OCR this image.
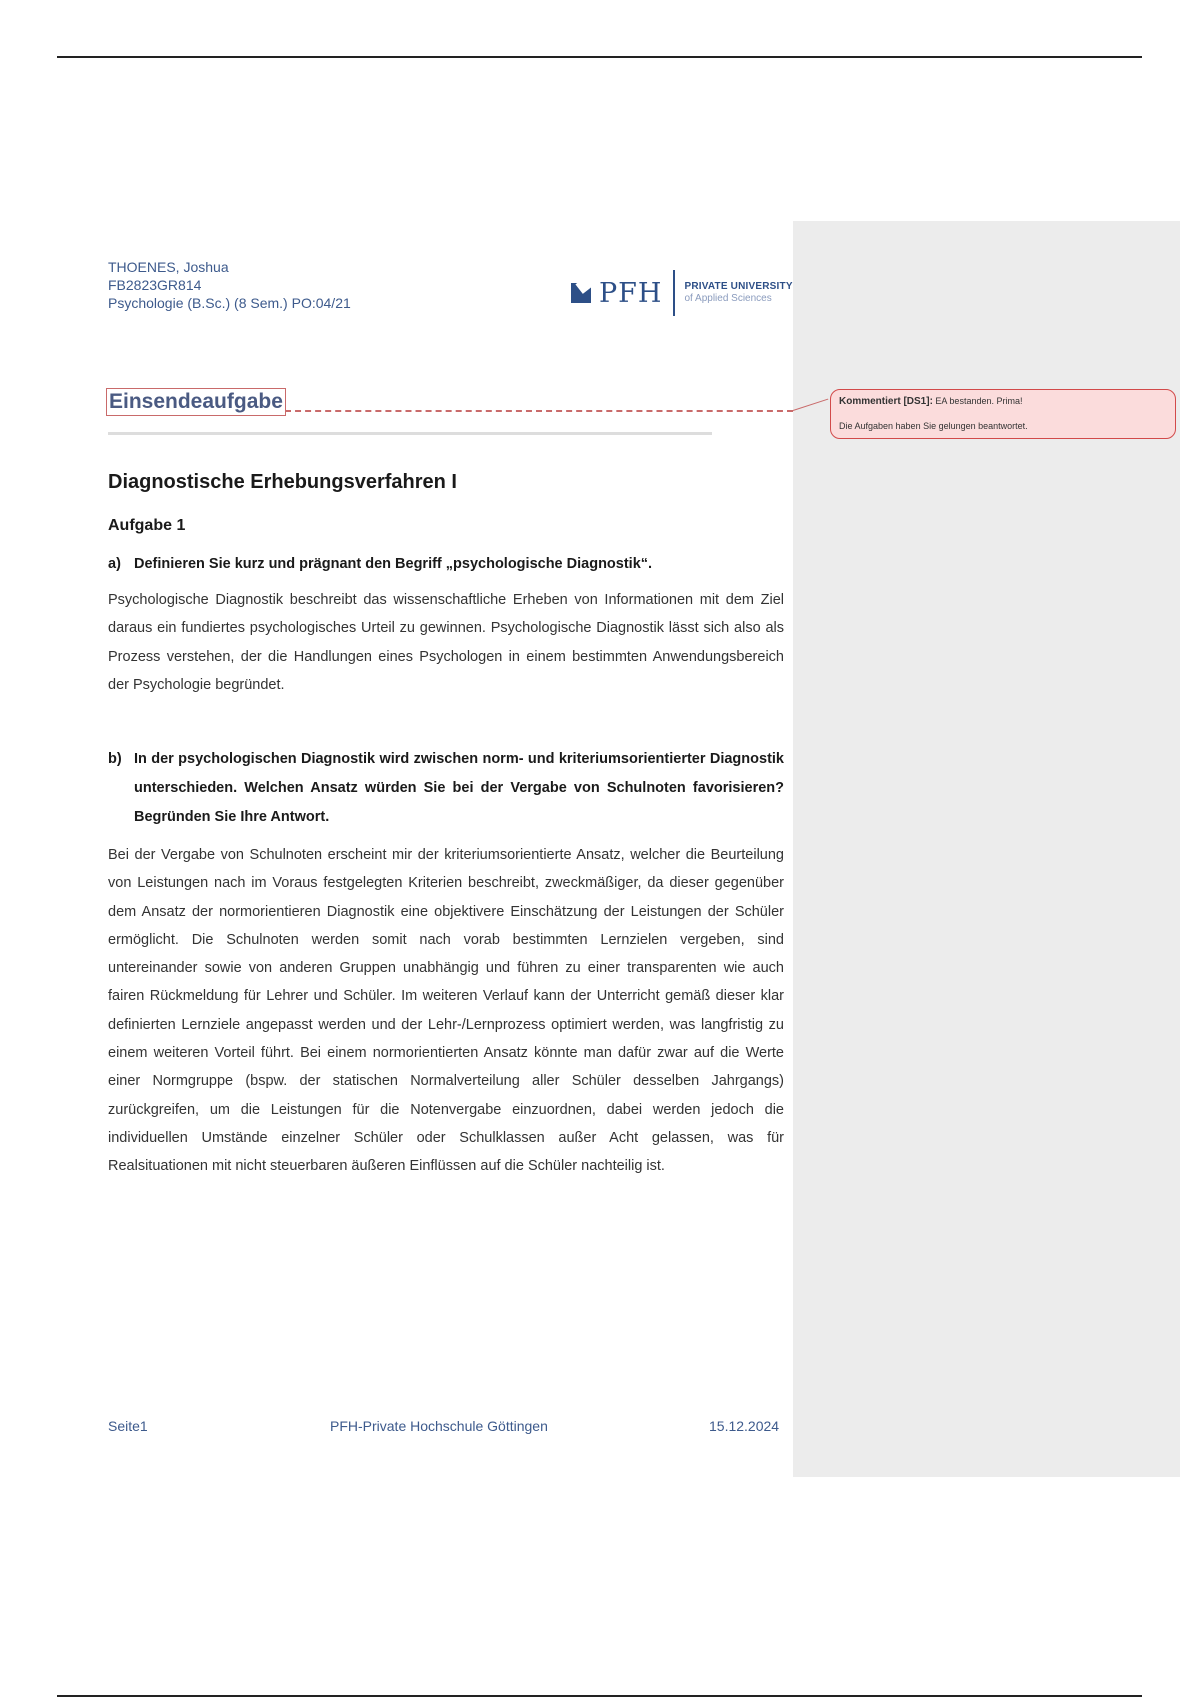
THOENES, Joshua
FB2823GR814
Psychologie (B.Sc.) (8 Sem.) PO:04/21	PFH PRIVATE UNIVERSITY
of Applied Sciences
Einsendeaufgabe	Kommentiert [DS1]: EA bestanden. Prima!
Die Aufgaben haben Sie gelungen beantwortet.
Diagnostische Erhebungsverfahren I
Aufgabe 1
a) Definieren Sie kurz und prägnant den Begriff „psychologische Diagnostik“.
Psychologische Diagnostik beschreibt das wissenschaftliche Erheben von Informationen mit dem Ziel daraus ein fundiertes psychologisches Urteil zu gewinnen. Psychologische Diagnostik lässt sich also als Prozess verstehen, der die Handlungen eines Psychologen in einem bestimmten Anwendungsbereich der Psychologie begründet.
b) In der psychologischen Diagnostik wird zwischen norm- und kriteriumsorientierter Diagnostik unterschieden. Welchen Ansatz würden Sie bei der Vergabe von Schulnoten favorisieren? Begründen Sie Ihre Antwort.
Bei der Vergabe von Schulnoten erscheint mir der kriteriumsorientierte Ansatz, welcher die Beurteilung von Leistungen nach im Voraus festgelegten Kriterien beschreibt, zweckmäßiger, da dieser gegenüber dem Ansatz der normorientieren Diagnostik eine objektivere Einschätzung der Leistungen der Schüler ermöglicht. Die Schulnoten werden somit nach vorab bestimmten Lernzielen vergeben, sind untereinander sowie von anderen Gruppen unabhängig und führen zu einer transparenten wie auch fairen Rückmeldung für Lehrer und Schüler. Im weiteren Verlauf kann der Unterricht gemäß dieser klar definierten Lernziele angepasst werden und der Lehr-/Lernprozess optimiert werden, was langfristig zu einem weiteren Vorteil führt. Bei einem normorientierten Ansatz könnte man dafür zwar auf die Werte einer Normgruppe (bspw. der statischen Normalverteilung aller Schüler desselben Jahrgangs) zurückgreifen, um die Leistungen für die Notenvergabe einzuordnen, dabei werden jedoch die individuellen Umstände einzelner Schüler oder Schulklassen außer Acht gelassen, was für Realsituationen mit nicht steuerbaren äußeren Einflüssen auf die Schüler nachteilig ist.
Seite1	PFH-Private Hochschule Göttingen	15.12.2024
